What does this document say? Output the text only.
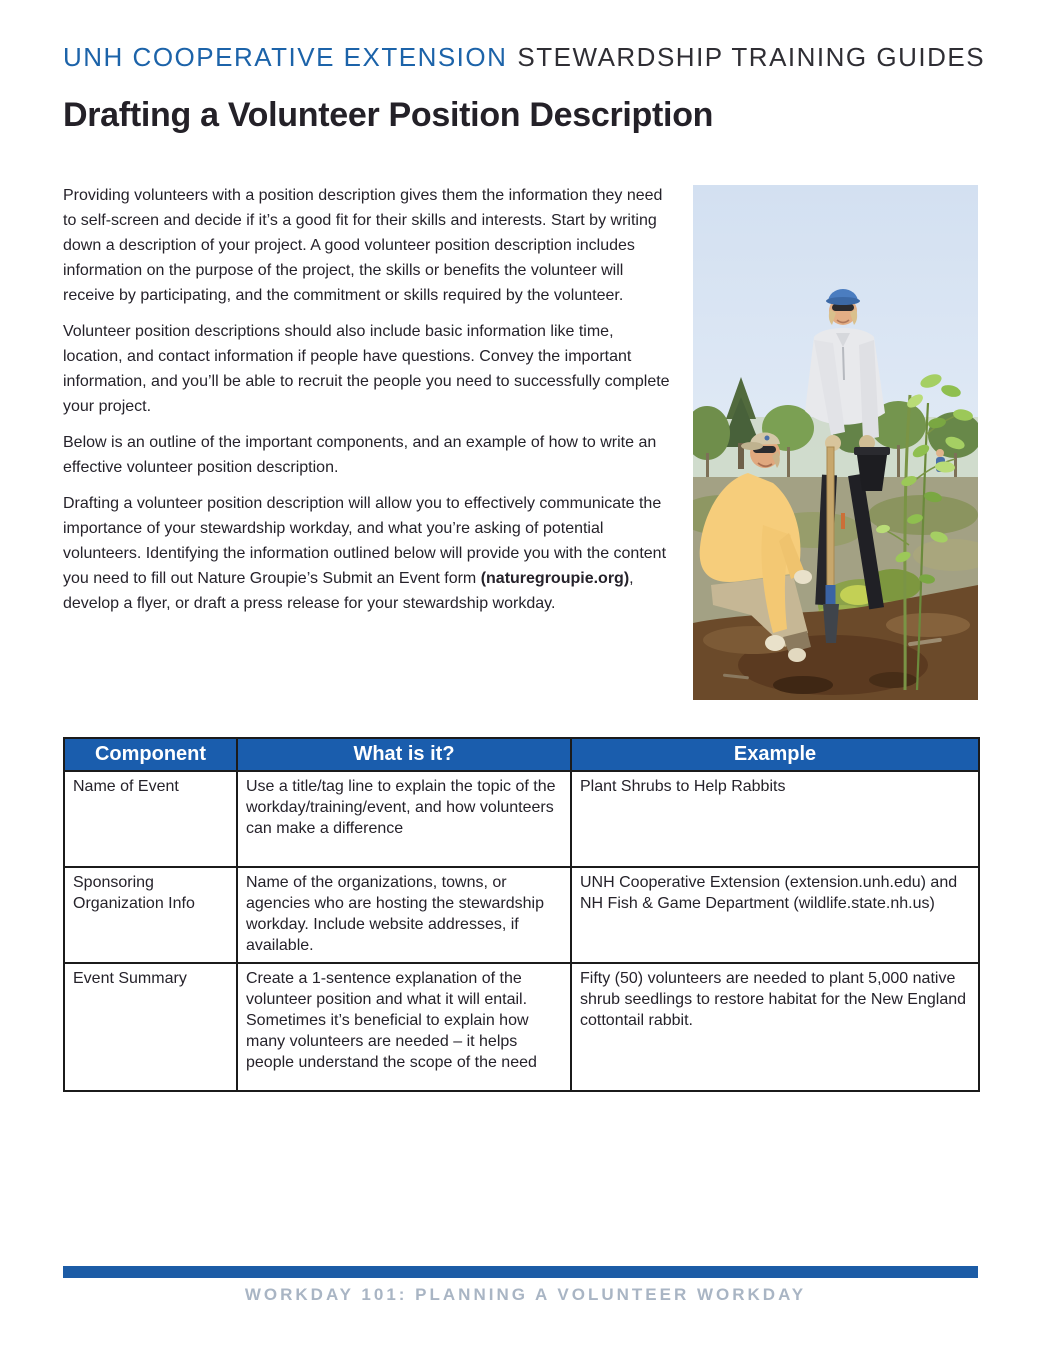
UNH COOPERATIVE EXTENSION STEWARDSHIP TRAINING GUIDES
Drafting a Volunteer Position Description

Providing volunteers with a position description gives them the information they need to self-screen and decide if it’s a good fit for their skills and interests. Start by writing down a description of your project. A good volunteer position description includes information on the purpose of the project, the skills or benefits the volunteer will receive by participating, and the commitment or skills required by the volunteer.

Volunteer position descriptions should also include basic information like time, location, and contact information if people have questions. Convey the important information, and you’ll be able to recruit the people you need to successfully complete your project.

Below is an outline of the important components, and an example of how to write an effective volunteer position description.

Drafting a volunteer position description will allow you to effectively communicate the importance of your stewardship workday, and what you’re asking of potential volunteers. Identifying the information outlined below will provide you with the content you need to fill out Nature Groupie’s Submit an Event form (naturegroupie.org), develop a flyer, or draft a press release for your stewardship workday.

Component	What is it?	Example
Name of Event	Use a title/tag line to explain the topic of the workday/training/event, and how volunteers can make a difference	Plant Shrubs to Help Rabbits
Sponsoring Organization Info	Name of the organizations, towns, or agencies who are hosting the stewardship workday. Include website addresses, if available.	UNH Cooperative Extension (extension.unh.edu) and NH Fish & Game Department (wildlife.state.nh.us)
Event Summary	Create a 1-sentence explanation of the volunteer position and what it will entail. Sometimes it’s beneficial to explain how many volunteers are needed – it helps people understand the scope of the need	Fifty (50) volunteers are needed to plant 5,000 native shrub seedlings to restore habitat for the New England cottontail rabbit.
WORKDAY 101: PLANNING A VOLUNTEER WORKDAY
